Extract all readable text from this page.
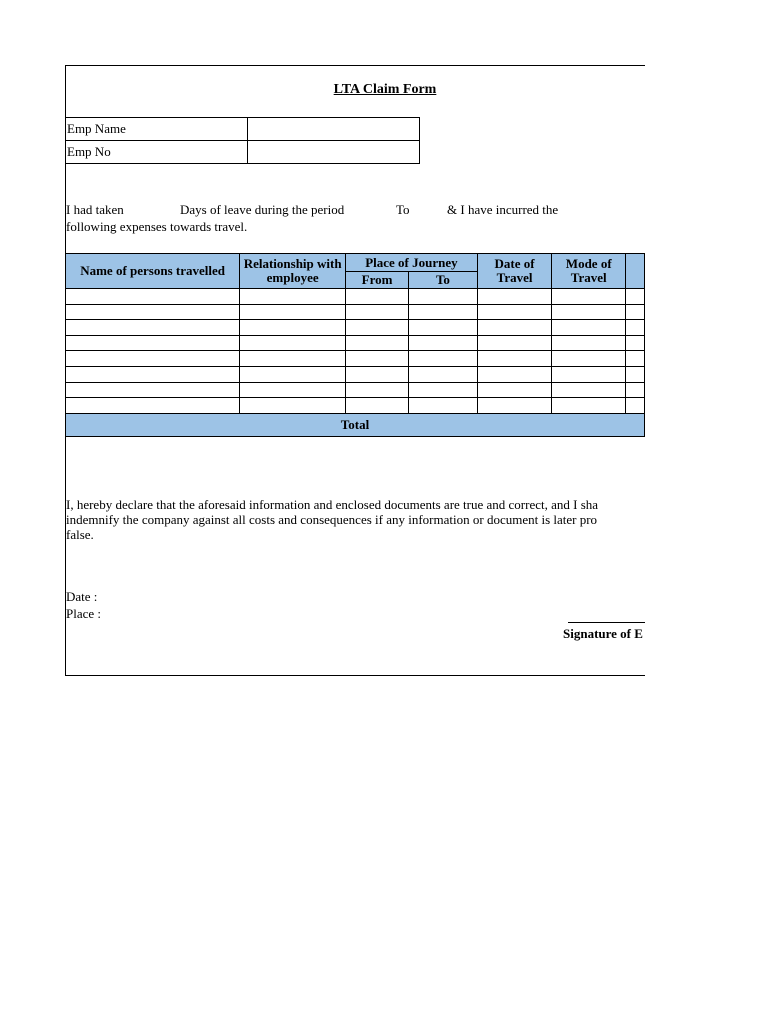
LTA Claim Form
Emp Name	
Emp No	
I had taken	Days of leave during the period	To	& I have incurred the
following expenses towards travel.
Name of persons travelled	Relationship with employee	Place of Journey		Date of Travel	Mode of Travel	
		From	To			

Total						
I, hereby declare that the aforesaid information and enclosed documents are true and correct, and I sha
indemnify the company against all costs and consequences if any information or document is later pro
false.
Date :
Place :
Signature of E
